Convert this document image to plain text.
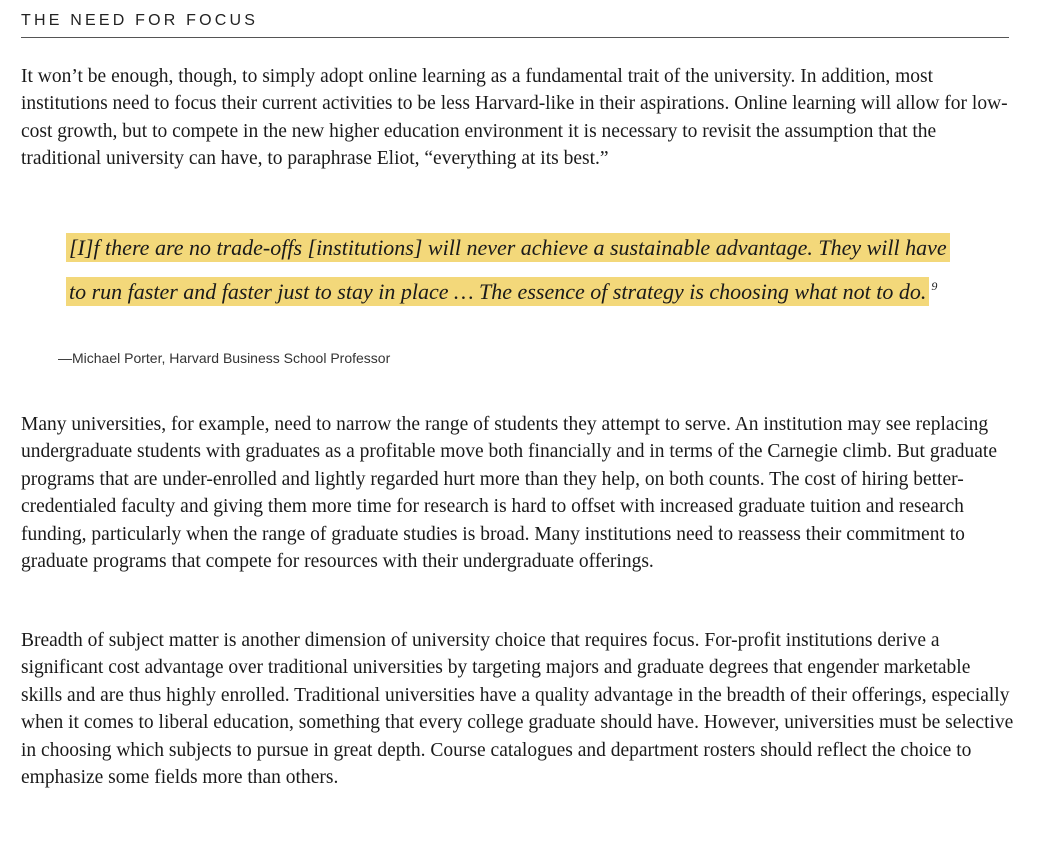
THE NEED FOR FOCUS

It won’t be enough, though, to simply adopt online learning as a fundamental trait of the university. In addition, most institutions need to focus their current activities to be less Harvard-like in their aspirations. Online learning will allow for low-cost growth, but to compete in the new higher education environment it is necessary to revisit the assumption that the traditional university can have, to paraphrase Eliot, “everything at its best.”

[I]f there are no trade-offs [institutions] will never achieve a sustainable advantage. They will have to run faster and faster just to stay in place … The essence of strategy is choosing what not to do. $^9$

—Michael Porter, Harvard Business School Professor

Many universities, for example, need to narrow the range of students they attempt to serve. An institution may see replacing undergraduate students with graduates as a profitable move both financially and in terms of the Carnegie climb. But graduate programs that are under-enrolled and lightly regarded hurt more than they help, on both counts. The cost of hiring better-credentialed faculty and giving them more time for research is hard to offset with increased graduate tuition and research funding, particularly when the range of graduate studies is broad. Many institutions need to reassess their commitment to graduate programs that compete for resources with their undergraduate offerings.

Breadth of subject matter is another dimension of university choice that requires focus. For-profit institutions derive a significant cost advantage over traditional universities by targeting majors and graduate degrees that engender marketable skills and are thus highly enrolled. Traditional universities have a quality advantage in the breadth of their offerings, especially when it comes to liberal education, something that every college graduate should have. However, universities must be selective in choosing which subjects to pursue in great depth. Course catalogues and department rosters should reflect the choice to emphasize some fields more than others.
